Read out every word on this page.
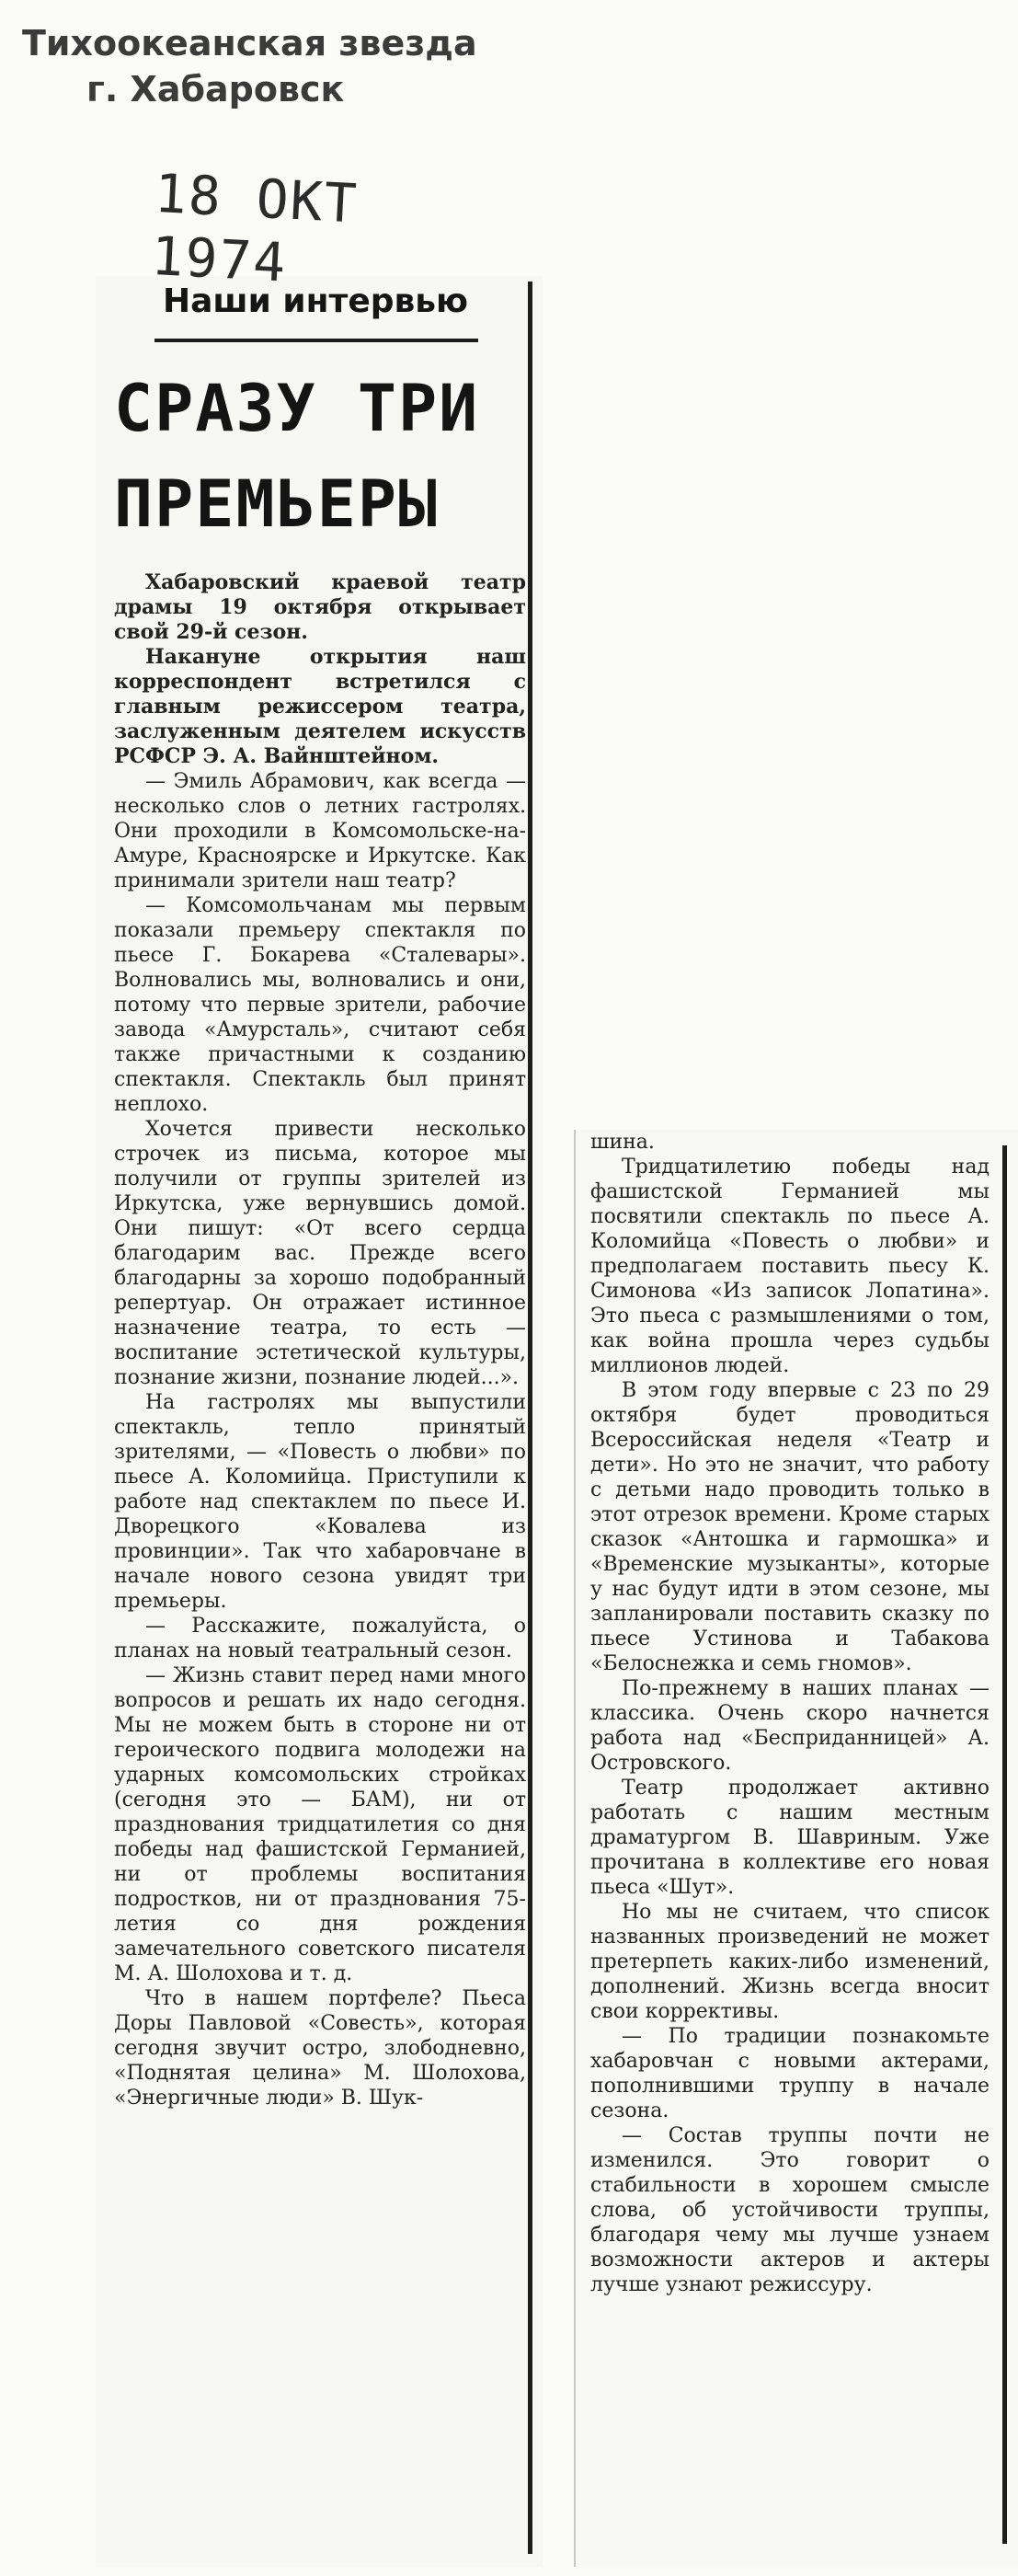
Тихоокеанская звезда
г. Хабаровск
18 ОКТ 1974
Наши интервью
СРАЗУ ТРИ
ПРЕМЬЕРЫ

Хабаровский краевой театр драмы 19 октября открывает свой 29-й сезон.

Накануне открытия наш корреспондент встретился с главным режиссером театра, заслуженным деятелем искусств РСФСР Э. А. Вайнштейном.

— Эмиль Абрамович, как всегда — несколько слов о летних гастролях. Они проходили в Комсомольске-на-Амуре, Красноярске и Иркутске. Как принимали зрители наш театр?

— Комсомольчанам мы первым показали премьеру спектакля по пьесе Г. Бокарева «Сталевары». Волновались мы, волновались и они, потому что первые зрители, рабочие завода «Амурсталь», считают себя также причастными к созданию спектакля. Спектакль был принят неплохо.

Хочется привести несколько строчек из письма, которое мы получили от группы зрителей из Иркутска, уже вернувшись домой. Они пишут: «От всего сердца благодарим вас. Прежде всего благодарны за хорошо подобранный репертуар. Он отражает истинное назначение театра, то есть — воспитание эстетической культуры, познание жизни, познание людей...».

На гастролях мы выпустили спектакль, тепло принятый зрителями, — «Повесть о любви» по пьесе А. Коломийца. Приступили к работе над спектаклем по пьесе И. Дворецкого «Ковалева из провинции». Так что хабаровчане в начале нового сезона увидят три премьеры.

— Расскажите, пожалуйста, о планах на новый театральный сезон.

— Жизнь ставит перед нами много вопросов и решать их надо сегодня. Мы не можем быть в стороне ни от героического подвига молодежи на ударных комсомольских стройках (сегодня это — БАМ), ни от празднования тридцатилетия со дня победы над фашистской Германией, ни от проблемы воспитания подростков, ни от празднования 75-летия со дня рождения замечательного советского писателя М. А. Шолохова и т. д.

Что в нашем портфеле? Пьеса Доры Павловой «Совесть», которая сегодня звучит остро, злободневно, «Поднятая целина» М. Шолохова, «Энергичные люди» В. Шук-

шина.

Тридцатилетию победы над фашистской Германией мы посвятили спектакль по пьесе А. Коломийца «Повесть о любви» и предполагаем поставить пьесу К. Симонова «Из записок Лопатина». Это пьеса с размышлениями о том, как война прошла через судьбы миллионов людей.

В этом году впервые с 23 по 29 октября будет проводиться Всероссийская неделя «Театр и дети». Но это не значит, что работу с детьми надо проводить только в этот отрезок времени. Кроме старых сказок «Антошка и гармошка» и «Временские музыканты», которые у нас будут идти в этом сезоне, мы запланировали поставить сказку по пьесе Устинова и Табакова «Белоснежка и семь гномов».

По-прежнему в наших планах — классика. Очень скоро начнется работа над «Бесприданницей» А. Островского.

Театр продолжает активно работать с нашим местным драматургом В. Шавриным. Уже прочитана в коллективе его новая пьеса «Шут».

Но мы не считаем, что список названных произведений не может претерпеть каких-либо изменений, дополнений. Жизнь всегда вносит свои коррективы.

— По традиции познакомьте хабаровчан с новыми актерами, пополнившими труппу в начале сезона.

— Состав труппы почти не изменился. Это говорит о стабильности в хорошем смысле слова, об устойчивости труппы, благодаря чему мы лучше узнаем возможности актеров и актеры лучше узнают режиссуру.
